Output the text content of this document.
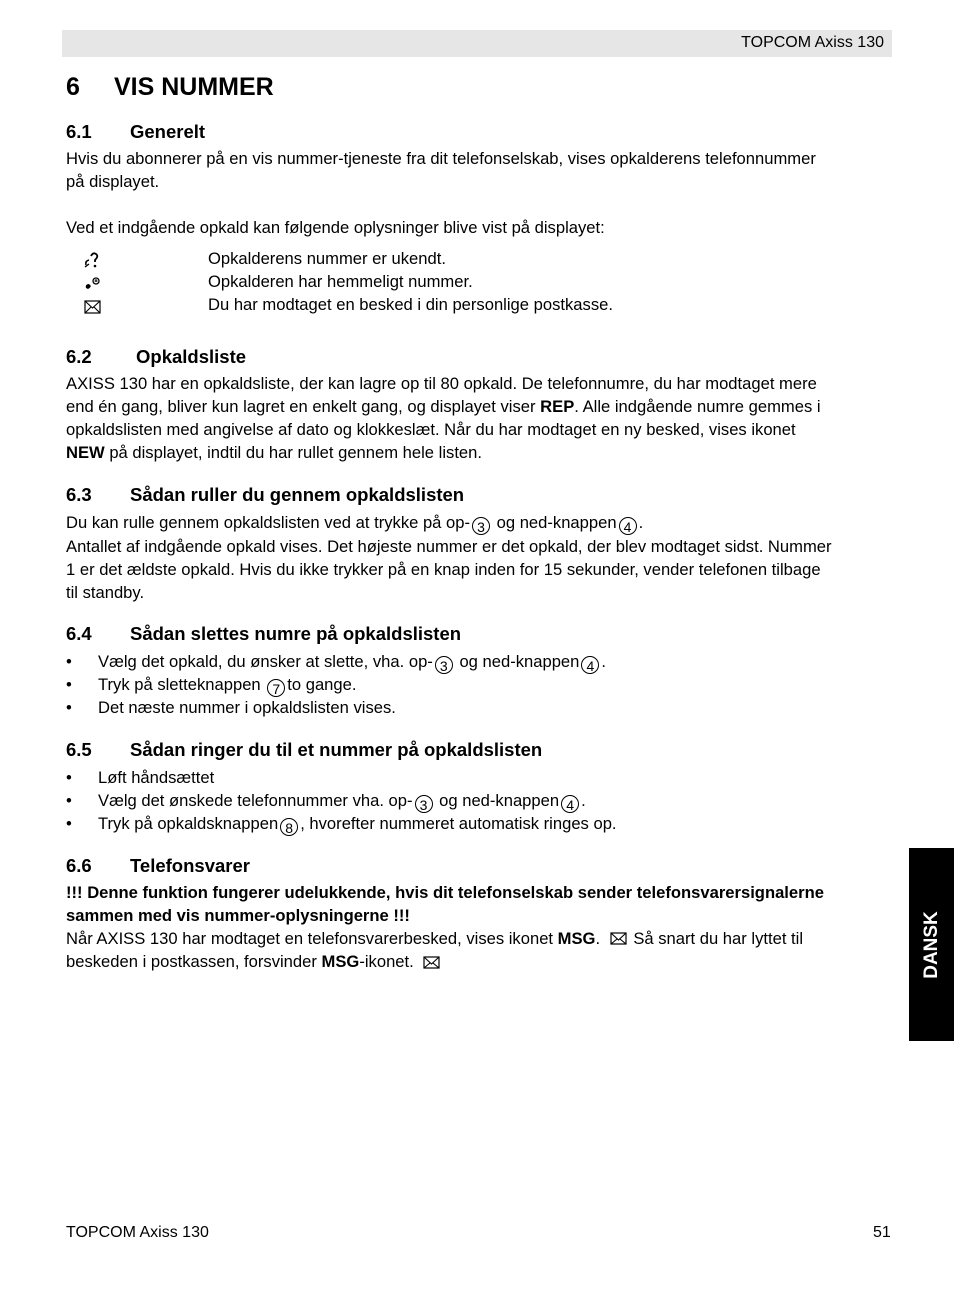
TOPCOM Axiss 130
6 VIS NUMMER
6.1 Generelt
Hvis du abonnerer på en vis nummer-tjeneste fra dit telefonselskab, vises opkalderens telefonnummer
på displayet.
Ved et indgående opkald kan følgende oplysninger blive vist på displayet:
Opkalderens nummer er ukendt.
Opkalderen har hemmeligt nummer.
Du har modtaget en besked i din personlige postkasse.
6.2 Opkaldsliste
AXISS 130 har en opkaldsliste, der kan lagre op til 80 opkald. De telefonnumre, du har modtaget mere
end én gang, bliver kun lagret en enkelt gang, og displayet viser REP. Alle indgående numre gemmes i
opkaldslisten med angivelse af dato og klokkeslæt. Når du har modtaget en ny besked, vises ikonet
NEW på displayet, indtil du har rullet gennem hele listen.
6.3 Sådan ruller du gennem opkaldslisten
Du kan rulle gennem opkaldslisten ved at trykke på op- 3 og ned-knappen 4 .
Antallet af indgående opkald vises. Det højeste nummer er det opkald, der blev modtaget sidst. Nummer
1 er det ældste opkald. Hvis du ikke trykker på en knap inden for 15 sekunder, vender telefonen tilbage
til standby.
6.4 Sådan slettes numre på opkaldslisten
• Vælg det opkald, du ønsker at slette, vha. op- 3 og ned-knappen 4 .
• Tryk på sletteknappen 7 to gange.
• Det næste nummer i opkaldslisten vises.
6.5 Sådan ringer du til et nummer på opkaldslisten
• Løft håndsættet
• Vælg det ønskede telefonnummer vha. op- 3 og ned-knappen 4 .
• Tryk på opkaldsknappen 8 , hvorefter nummeret automatisk ringes op.
6.6 Telefonsvarer
!!! Denne funktion fungerer udelukkende, hvis dit telefonselskab sender telefonsvarersignalerne
sammen med vis nummer-oplysningerne !!!
Når AXISS 130 har modtaget en telefonsvarerbesked, vises ikonet MSG.  Så snart du har lyttet til
beskeden i postkassen, forsvinder MSG-ikonet.	DANSK
TOPCOM Axiss 130	51
